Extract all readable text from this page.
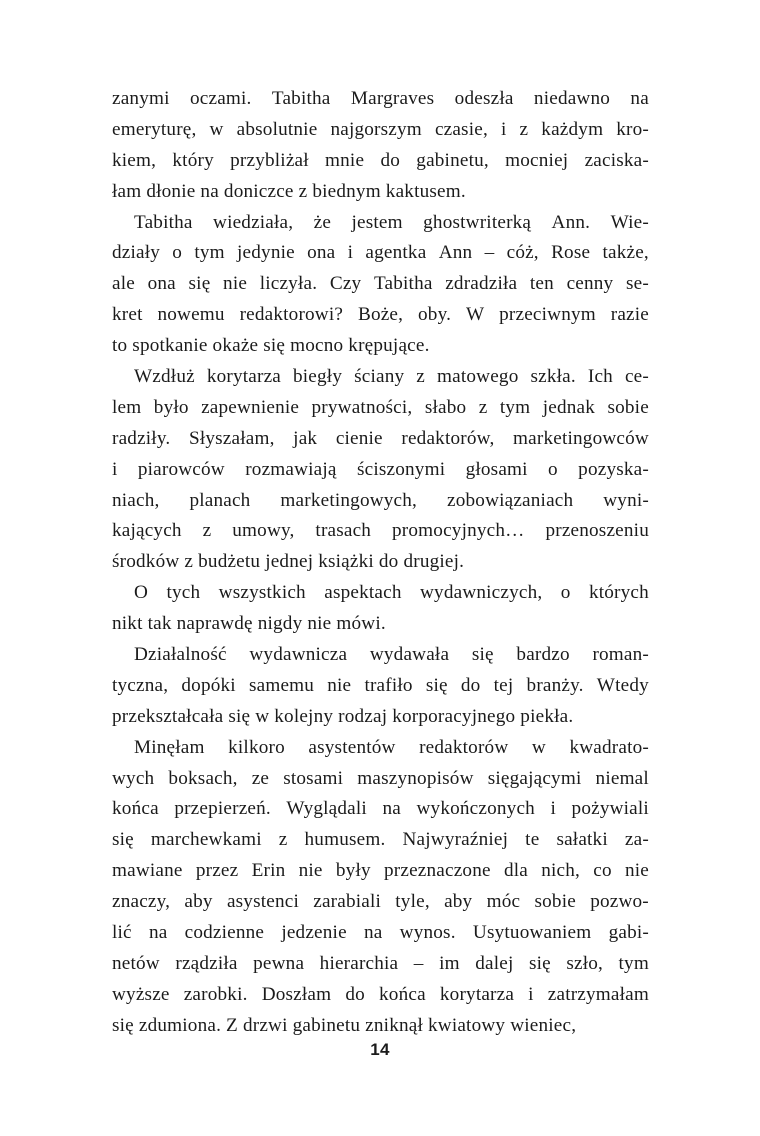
zanymi oczami. Tabitha Margraves odeszła niedawno na
emeryturę, w absolutnie najgorszym czasie, i z każdym kro-
kiem, który przybliżał mnie do gabinetu, mocniej zaciska-
łam dłonie na doniczce z biednym kaktusem.

Tabitha wiedziała, że jestem ghostwriterką Ann. Wie-
działy o tym jedynie ona i agentka Ann – cóż, Rose także,
ale ona się nie liczyła. Czy Tabitha zdradziła ten cenny se-
kret nowemu redaktorowi? Boże, oby. W przeciwnym razie
to spotkanie okaże się mocno krępujące.

Wzdłuż korytarza biegły ściany z matowego szkła. Ich ce-
lem było zapewnienie prywatności, słabo z tym jednak sobie
radziły. Słyszałam, jak cienie redaktorów, marketingowców
i piarowców rozmawiają ściszonymi głosami o pozyska-
niach, planach marketingowych, zobowiązaniach wyni-
kających z umowy, trasach promocyjnych… przenoszeniu
środków z budżetu jednej książki do drugiej.

O tych wszystkich aspektach wydawniczych, o których
nikt tak naprawdę nigdy nie mówi.

Działalność wydawnicza wydawała się bardzo roman-
tyczna, dopóki samemu nie trafiło się do tej branży. Wtedy
przekształcała się w kolejny rodzaj korporacyjnego piekła.

Minęłam kilkoro asystentów redaktorów w kwadrato-
wych boksach, ze stosami maszynopisów sięgającymi niemal
końca przepierzeń. Wyglądali na wykończonych i pożywiali
się marchewkami z humusem. Najwyraźniej te sałatki za-
mawiane przez Erin nie były przeznaczone dla nich, co nie
znaczy, aby asystenci zarabiali tyle, aby móc sobie pozwo-
lić na codzienne jedzenie na wynos. Usytuowaniem gabi-
netów rządziła pewna hierarchia – im dalej się szło, tym
wyższe zarobki. Doszłam do końca korytarza i zatrzymałam
się zdumiona. Z drzwi gabinetu zniknął kwiatowy wieniec,

14
